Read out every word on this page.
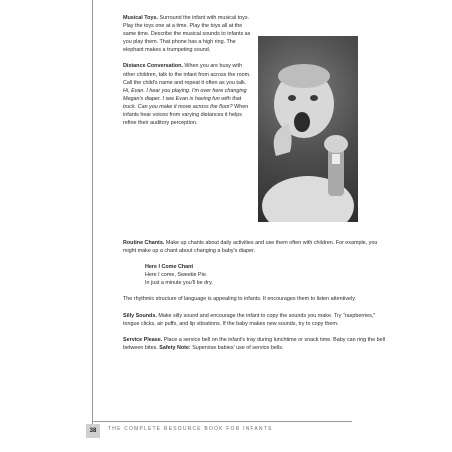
Musical Toys. Surround the infant with musical toys. Play the toys one at a time. Play the toys all at the same time. Describe the musical sounds to infants as you play them. That phone has a high ring. The elephant makes a trumpeting sound.

Distance Conversation. When you are busy with other children, talk to the infant from across the room. Call the child's name and repeat it often as you talk. Hi, Evan. I hear you playing. I'm over here changing Megan's diaper. I see Evan is having fun with that truck. Can you make it move across the floor? When infants hear voices from varying distances it helps refine their auditory perception.

Routine Chants. Make up chants about daily activities and use them often with children. For example, you might make up a chant about changing a baby's diaper.

Here I Come Chant
Here I come, Sweetie Pie.
In just a minute you'll be dry.

The rhythmic structure of language is appealing to infants. It encourages them to listen attentively.

Silly Sounds. Make silly sound and encourage the infant to copy the sounds you make. Try "raspberries," tongue clicks, air puffs, and lip vibrations. If the baby makes new sounds, try to copy them.

Service Please. Place a service bell on the infant's tray during lunchtime or snack time. Baby can ring the bell between bites. Safety Note: Supervise babies' use of service bells.

38	THE COMPLETE RESOURCE BOOK FOR INFANTS
